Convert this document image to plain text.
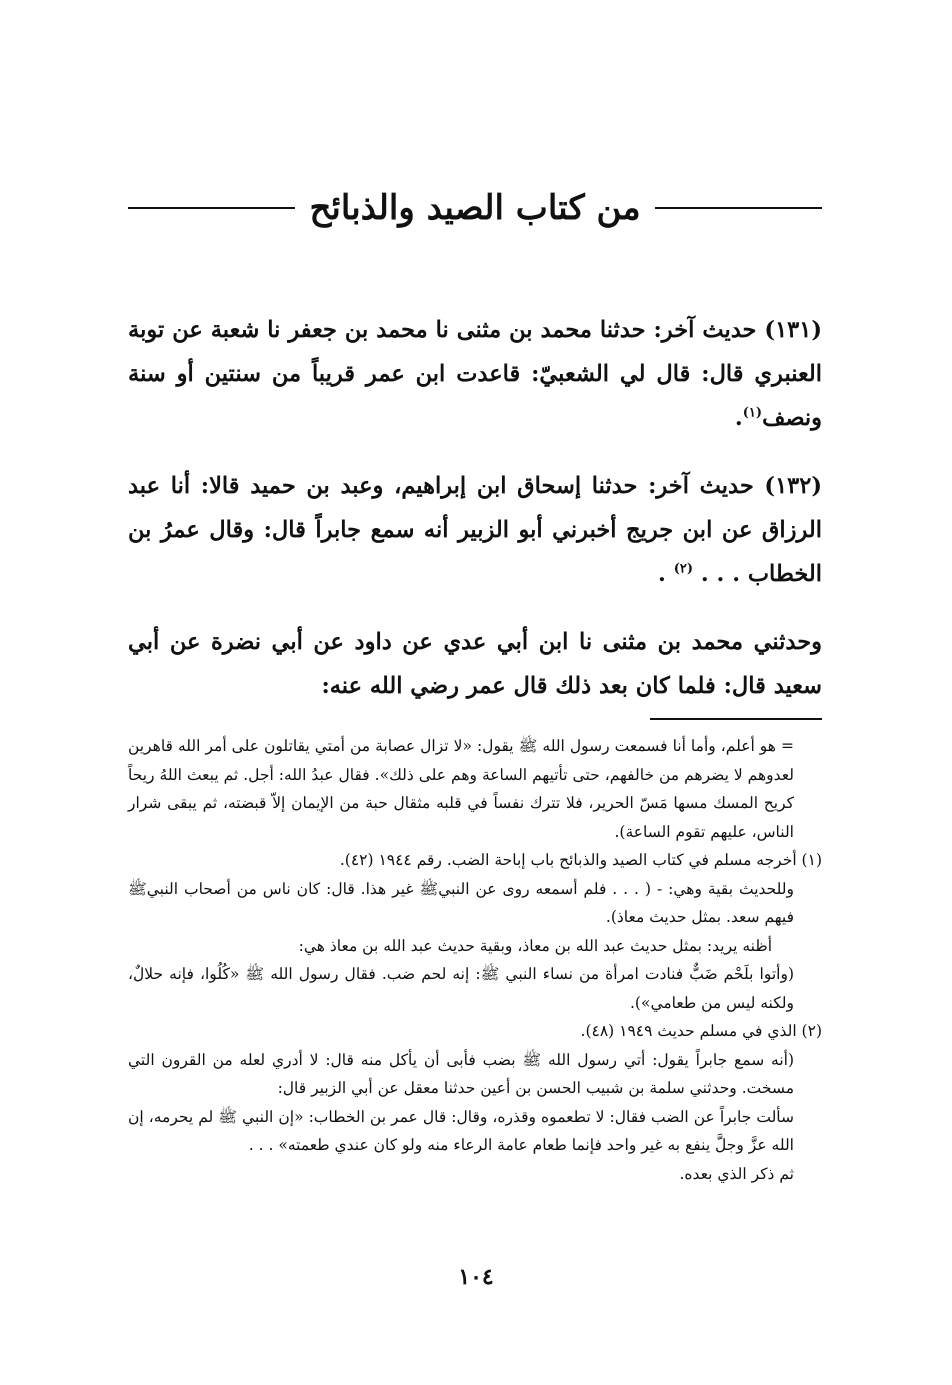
من كتاب الصيد والذبائح

(١٣١) حديث آخر: حدثنا محمد بن مثنى نا محمد بن جعفر نا شعبة عن توبة العنبري قال: قال لي الشعبيّ: قاعدت ابن عمر قريباً من سنتين أو سنة ونصف$^{(١)}$.

(١٣٢) حديث آخر: حدثنا إسحاق ابن إبراهيم، وعبد بن حميد قالا: أنا عبد الرزاق عن ابن جريج أخبرني أبو الزبير أنه سمع جابراً قال: وقال عمرُ بن الخطاب . . . $^{(٢)}$ .

وحدثني محمد بن مثنى نا ابن أبي عدي عن داود عن أبي نضرة عن أبي سعيد قال: فلما كان بعد ذلك قال عمر رضي الله عنه:

= هو أعلم، وأما أنا فسمعت رسول الله ﷺ يقول: «لا تزال عصابة من أمتي يقاتلون على أمر الله قاهرين لعدوهم لا يضرهم من خالفهم، حتى تأتيهم الساعة وهم على ذلك». فقال عبدُ الله: أجل. ثم يبعث اللهُ ريحاً كريح المسك مسها مَسّ الحرير، فلا تترك نفساً في قلبه مثقال حبة من الإيمان إلاّ قبضته، ثم يبقى شرار الناس، عليهم تقوم الساعة).

(١) أخرجه مسلم في كتاب الصيد والذبائح باب إباحة الضب. رقم ١٩٤٤ (٤٢).

وللحديث بقية وهي: - ( . . . فلم أسمعه روى عن النبيﷺ غير هذا. قال: كان ناس من أصحاب النبيﷺ فيهم سعد. بمثل حديث معاذ).

أظنه يريد: بمثل حديث عبد الله بن معاذ، وبقية حديث عبد الله بن معاذ هي:

(وأتوا بلَحْم ضَبٌّ فنادت امرأة من نساء النبي ﷺ: إنه لحم ضب. فقال رسول الله ﷺ «كُلُوا، فإنه حلالٌ، ولكنه ليس من طعامي»).

(٢) الذي في مسلم حديث ١٩٤٩ (٤٨).

(أنه سمع جابراً يقول: أتي رسول الله ﷺ بضب فأبى أن يأكل منه قال: لا أدري لعله من القرون التي مسخت. وحدثني سلمة بن شبيب الحسن بن أعين حدثنا معقل عن أبي الزبير قال:

سألت جابراً عن الضب فقال: لا تطعموه وقذره، وقال: قال عمر بن الخطاب: «إن النبي ﷺ لم يحرمه، إن الله عزَّ وجلَّ ينفع به غير واحد فإنما طعام عامة الرعاء منه ولو كان عندي طعمته» . . .

ثم ذكر الذي بعده.

١٠٤
